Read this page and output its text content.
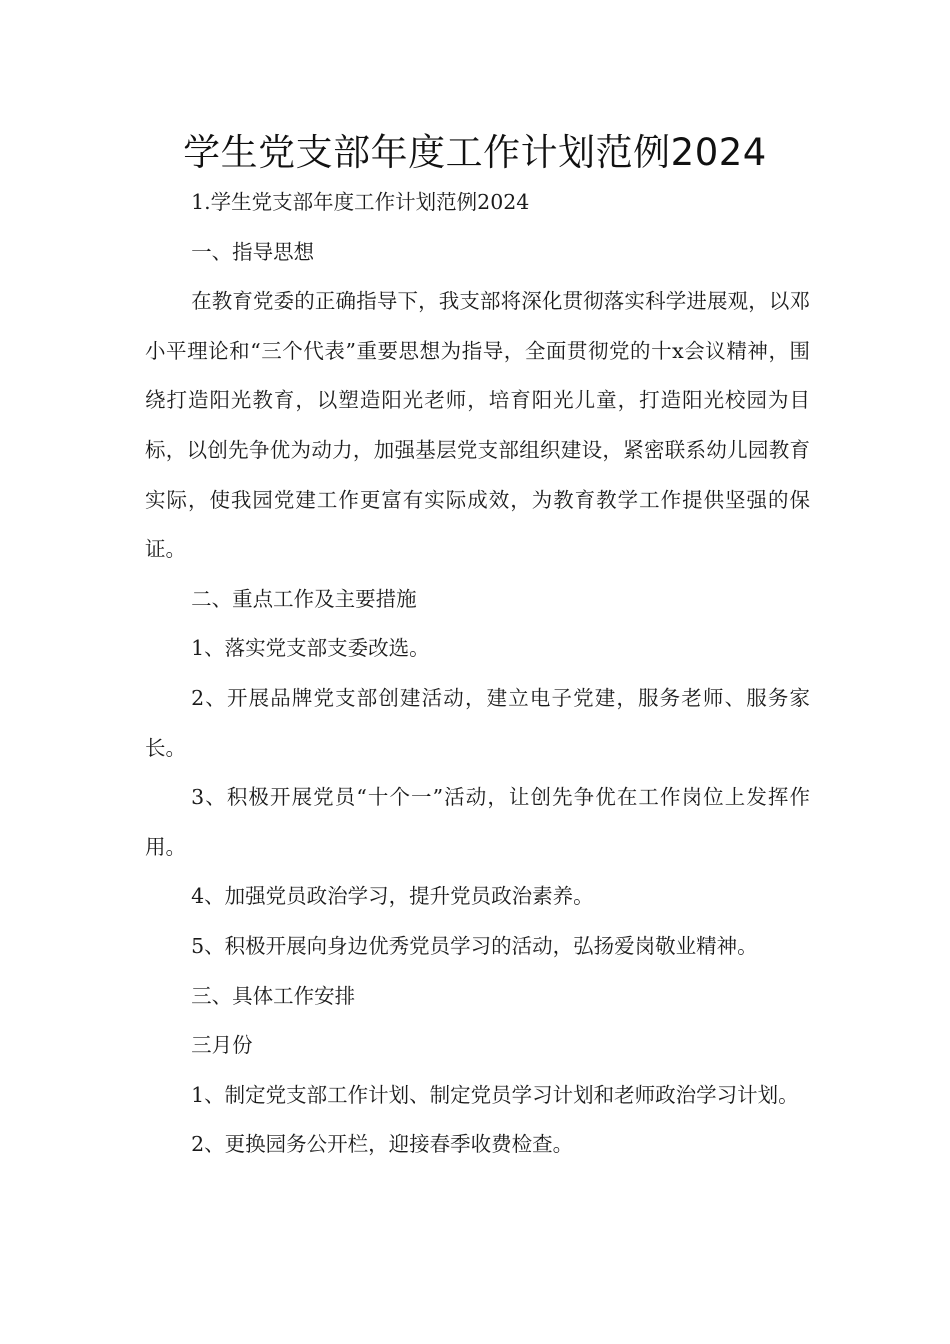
学生党支部年度工作计划范例2024

1.学生党支部年度工作计划范例2024

一、指导思想

在教育党委的正确指导下，我支部将深化贯彻落实科学进展观，以邓小平理论和“三个代表”重要思想为指导，全面贯彻党的十x会议精神，围绕打造阳光教育，以塑造阳光老师，培育阳光儿童，打造阳光校园为目标，以创先争优为动力，加强基层党支部组织建设，紧密联系幼儿园教育实际，使我园党建工作更富有实际成效，为教育教学工作提供坚强的保证。

二、重点工作及主要措施

1、落实党支部支委改选。

2、开展品牌党支部创建活动，建立电子党建，服务老师、服务家长。

3、积极开展党员“十个一”活动，让创先争优在工作岗位上发挥作用。

4、加强党员政治学习，提升党员政治素养。

5、积极开展向身边优秀党员学习的活动，弘扬爱岗敬业精神。

三、具体工作安排

三月份

1、制定党支部工作计划、制定党员学习计划和老师政治学习计划。

2、更换园务公开栏，迎接春季收费检查。
